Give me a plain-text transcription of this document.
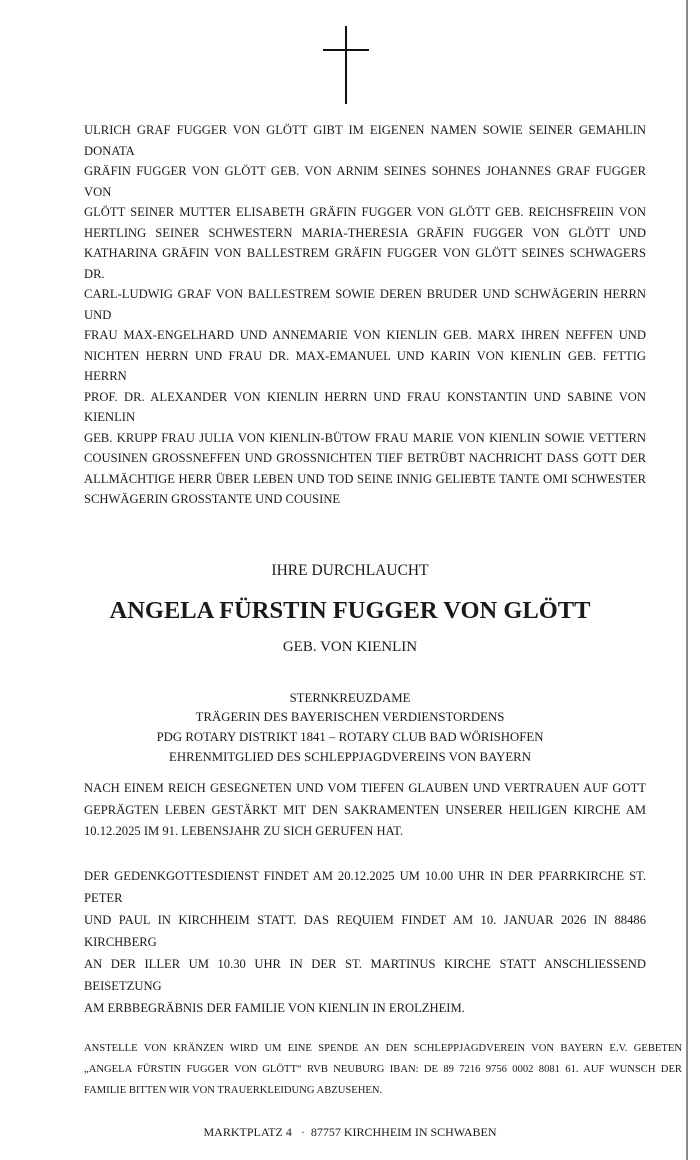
ULRICH GRAF FUGGER VON GLÖTT GIBT IM EIGENEN NAMEN SOWIE SEINER GEMAHLIN DONATA
GRÄFIN FUGGER VON GLÖTT GEB. VON ARNIM SEINES SOHNES JOHANNES GRAF FUGGER VON
GLÖTT SEINER MUTTER ELISABETH GRÄFIN FUGGER VON GLÖTT GEB. REICHSFREIIN VON
HERTLING SEINER SCHWESTERN MARIA-THERESIA GRÄFIN FUGGER VON GLÖTT UND
KATHARINA GRÄFIN VON BALLESTREM GRÄFIN FUGGER VON GLÖTT SEINES SCHWAGERS DR.
CARL-LUDWIG GRAF VON BALLESTREM SOWIE DEREN BRUDER UND SCHWÄGERIN HERRN UND
FRAU MAX-ENGELHARD UND ANNEMARIE VON KIENLIN GEB. MARX IHREN NEFFEN UND
NICHTEN HERRN UND FRAU DR. MAX-EMANUEL UND KARIN VON KIENLIN GEB. FETTIG HERRN
PROF. DR. ALEXANDER VON KIENLIN HERRN UND FRAU KONSTANTIN UND SABINE VON KIENLIN
GEB. KRUPP FRAU JULIA VON KIENLIN-BÜTOW FRAU MARIE VON KIENLIN SOWIE VETTERN
COUSINEN GROSSNEFFEN UND GROSSNICHTEN TIEF BETRÜBT NACHRICHT DASS GOTT DER
ALLMÄCHTIGE HERR ÜBER LEBEN UND TOD SEINE INNIG GELIEBTE TANTE OMI SCHWESTER
SCHWÄGERIN GROSSTANTE UND COUSINE
IHRE DURCHLAUCHT
ANGELA FÜRSTIN FUGGER VON GLÖTT
GEB. VON KIENLIN
STERNKREUZDAME
TRÄGERIN DES BAYERISCHEN VERDIENSTORDENS
PDG ROTARY DISTRIKT 1841 – ROTARY CLUB BAD WÖRISHOFEN
EHRENMITGLIED DES SCHLEPPJAGDVEREINS VON BAYERN
NACH EINEM REICH GESEGNETEN UND VOM TIEFEN GLAUBEN UND VERTRAUEN AUF GOTT
GEPRÄGTEN LEBEN GESTÄRKT MIT DEN SAKRAMENTEN UNSERER HEILIGEN KIRCHE AM
10.12.2025 IM 91. LEBENSJAHR ZU SICH GERUFEN HAT.
DER GEDENKGOTTESDIENST FINDET AM 20.12.2025 UM 10.00 UHR IN DER PFARRKIRCHE ST. PETER
UND PAUL IN KIRCHHEIM STATT. DAS REQUIEM FINDET AM 10. JANUAR 2026 IN 88486 KIRCHBERG
AN DER ILLER UM 10.30 UHR IN DER ST. MARTINUS KIRCHE STATT ANSCHLIESSEND BEISETZUNG
AM ERBBEGRÄBNIS DER FAMILIE VON KIENLIN IN EROLZHEIM.
ANSTELLE VON KRÄNZEN WIRD UM EINE SPENDE AN DEN SCHLEPPJAGDVEREIN VON BAYERN E.V. GEBETEN
„ANGELA FÜRSTIN FUGGER VON GLÖTT“ RVB NEUBURG IBAN: DE 89 7216 9756 0002 8081 61. AUF WUNSCH DER
FAMILIE BITTEN WIR VON TRAUERKLEIDUNG ABZUSEHEN.
MARKTPLATZ 4   ·  87757 KIRCHHEIM IN SCHWABEN
